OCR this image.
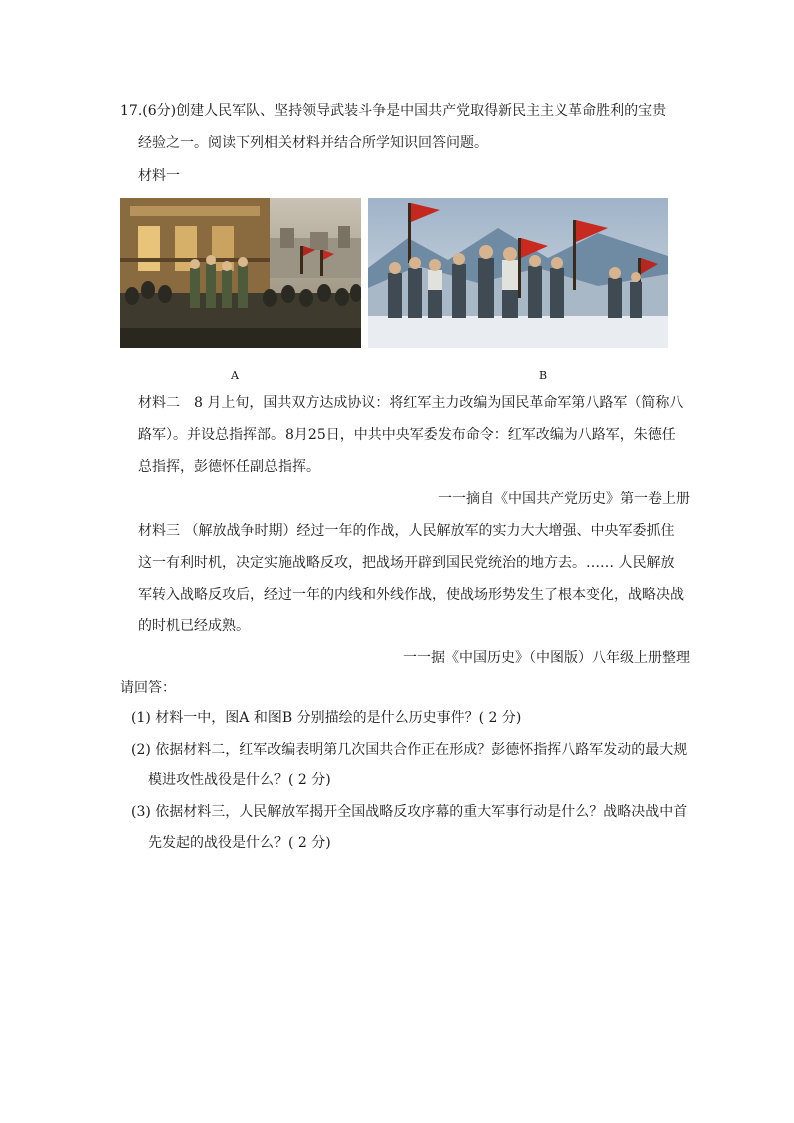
17.(6分)创建人民军队、坚持领导武装斗争是中国共产党取得新民主主义革命胜利的宝贵
经验之一。阅读下列相关材料并结合所学知识回答问题。
材料一
A	B
材料二　8 月上旬，国共双方达成协议：将红军主力改编为国民革命军第八路军（简称八
路军）。并设总指挥部。8月25日，中共中央军委发布命令：红军改编为八路军，朱德任
总指挥，彭德怀任副总指挥。
一一摘自《中国共产党历史》第一卷上册
材料三 （解放战争时期）经过一年的作战，人民解放军的实力大大增强、中央军委抓住
这一有利时机，决定实施战略反攻，把战场开辟到国民党统治的地方去。…… 人民解放
军转入战略反攻后，经过一年的内线和外线作战，使战场形势发生了根本变化，战略决战
的时机已经成熟。
一一据《中国历史》（中图版）八年级上册整理
请回答：
(1) 材料一中，图A 和图B 分别描绘的是什么历史事件？( 2 分)
(2) 依据材料二，红军改编表明第几次国共合作正在形成？彭德怀指挥八路军发动的最大规
模进攻性战役是什么？( 2 分)
(3) 依据材料三，人民解放军揭开全国战略反攻序幕的重大军事行动是什么？战略决战中首
先发起的战役是什么？( 2 分)
